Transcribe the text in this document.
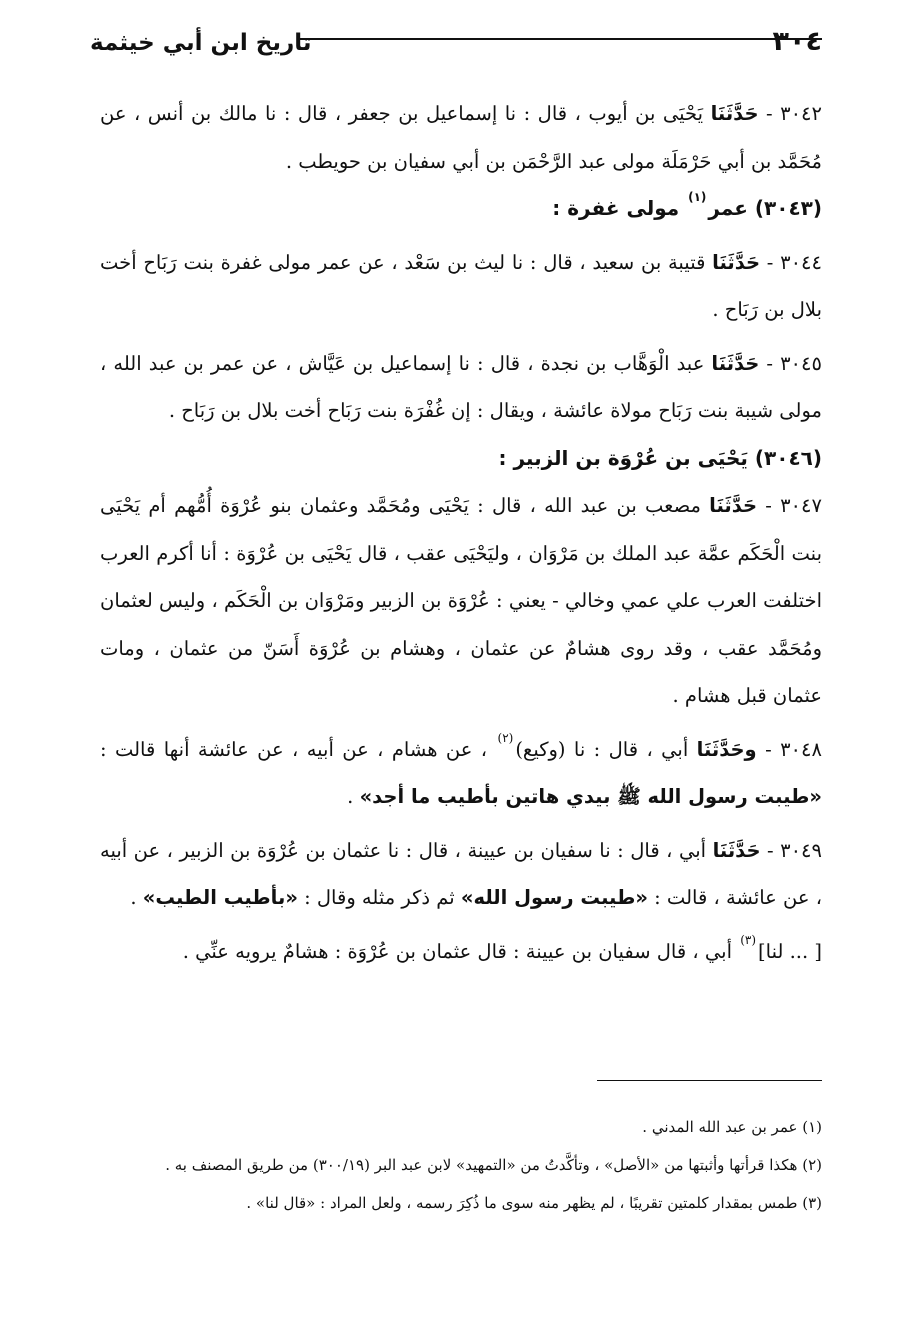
٣٠٤
تاريخ ابن أبي خيثمة

٣٠٤٢ - حَدَّثَنَا يَحْيَى بن أيوب ، قال : نا إسماعيل بن جعفر ، قال : نا مالك بن أنس ، عن مُحَمَّد بن أبي حَرْمَلَة مولى عبد الرَّحْمَن بن أبي سفيان بن حويطب .

(٣٠٤٣) عمر$^{(١)}$ مولى غفرة :

٣٠٤٤ - حَدَّثَنَا قتيبة بن سعيد ، قال : نا ليث بن سَعْد ، عن عمر مولى غفرة بنت رَبَاح أخت بلال بن رَبَاح .

٣٠٤٥ - حَدَّثَنَا عبد الْوَهَّاب بن نجدة ، قال : نا إسماعيل بن عَيَّاش ، عن عمر بن عبد الله ، مولى شيبة بنت رَبَاح مولاة عائشة ، ويقال : إن غُفْرَة بنت رَبَاح أخت بلال بن رَبَاح .

(٣٠٤٦) يَحْيَى بن عُرْوَة بن الزبير :

٣٠٤٧ - حَدَّثَنَا مصعب بن عبد الله ، قال : يَحْيَى ومُحَمَّد وعثمان بنو عُرْوَة أُمُّهم أم يَحْيَى بنت الْحَكَم عمَّة عبد الملك بن مَرْوَان ، وليَحْيَى عقب ، قال يَحْيَى بن عُرْوَة : أنا أكرم العرب اختلفت العرب علي عمي وخالي - يعني : عُرْوَة بن الزبير ومَرْوَان بن الْحَكَم ، وليس لعثمان ومُحَمَّد عقب ، وقد روى هشامٌ عن عثمان ، وهشام بن عُرْوَة أَسَنّ من عثمان ، ومات عثمان قبل هشام .

٣٠٤٨ - وحَدَّثَنَا أبي ، قال : نا (وكيع)$^{(٢)}$ ، عن هشام ، عن أبيه ، عن عائشة أنها قالت : «طيبت رسول الله ﷺ بيدي هاتين بأطيب ما أجد» .

٣٠٤٩ - حَدَّثَنَا أبي ، قال : نا سفيان بن عيينة ، قال : نا عثمان بن عُرْوَة بن الزبير ، عن أبيه ، عن عائشة ، قالت : «طيبت رسول الله» ثم ذكر مثله وقال : «بأطيب الطيب» .

[ ... لنا]$^{(٣)}$ أبي ، قال سفيان بن عيينة : قال عثمان بن عُرْوَة : هشامٌ يرويه عنِّي .

(١) عمر بن عبد الله المدني .

(٢) هكذا قرأتها وأثبتها من «الأصل» ، وتأكَّدتُ من «التمهيد» لابن عبد البر (٣٠٠/١٩) من طريق المصنف به .

(٣) طمس بمقدار كلمتين تقريبًا ، لم يظهر منه سوى ما ذُكِرَ رسمه ، ولعل المراد : «قال لنا» .
